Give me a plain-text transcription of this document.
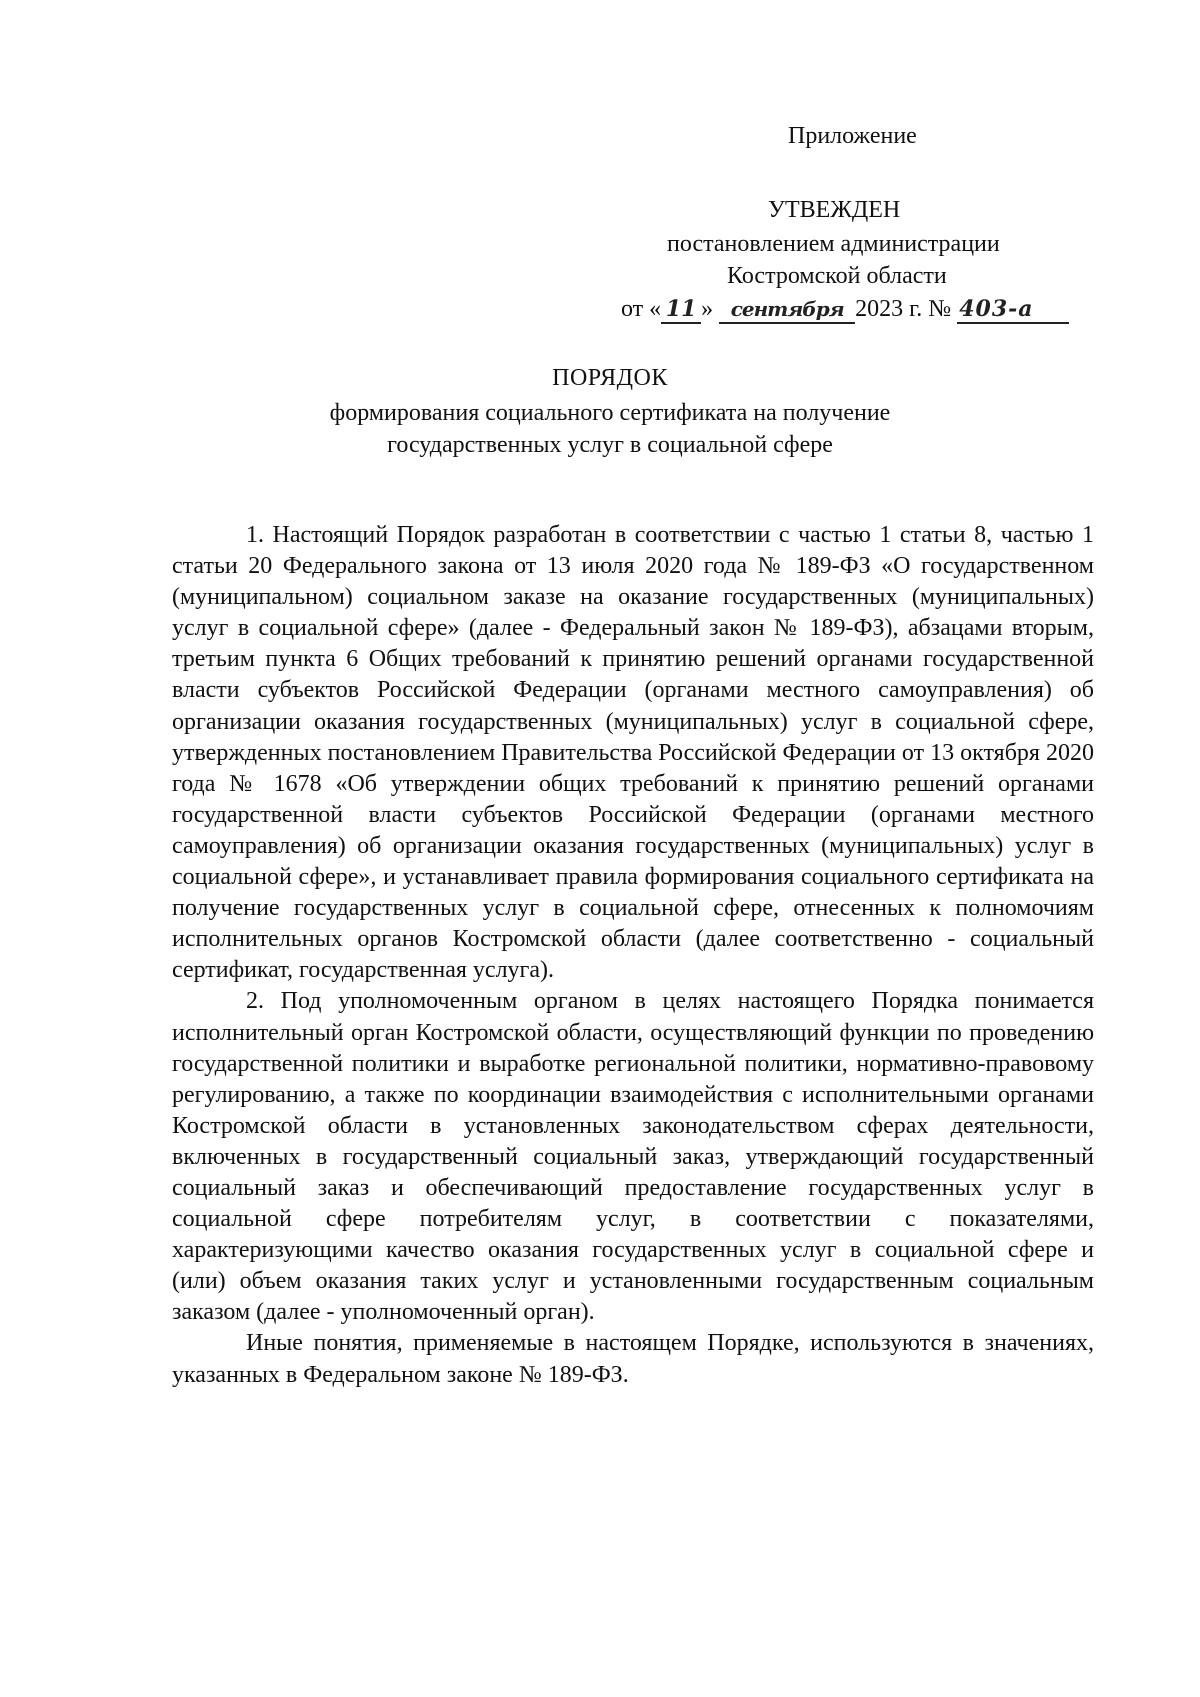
Приложение
УТВЕЖДЕН
постановлением администрации
Костромской области
от « 11 » сентября 2023 г. № 403-а
ПОРЯДОК
формирования социального сертификата на получение
государственных услуг в социальной сфере

1. Настоящий Порядок разработан в соответствии с частью 1 статьи 8, частью 1 статьи 20 Федерального закона от 13 июля 2020 года № 189-ФЗ «О государственном (муниципальном) социальном заказе на оказание государственных (муниципальных) услуг в социальной сфере» (далее - Федеральный закон № 189-ФЗ), абзацами вторым, третьим пункта 6 Общих требований к принятию решений органами государственной власти субъектов Российской Федерации (органами местного самоуправления) об организации оказания государственных (муниципальных) услуг в социальной сфере, утвержденных постановлением Правительства Российской Федерации от 13 октября 2020 года № 1678 «Об утверждении общих требований к принятию решений органами государственной власти субъектов Российской Федерации (органами местного самоуправления) об организации оказания государственных (муниципальных) услуг в социальной сфере», и устанавливает правила формирования социального сертификата на получение государственных услуг в социальной сфере, отнесенных к полномочиям исполнительных органов Костромской области (далее соответственно - социальный сертификат, государственная услуга).

2. Под уполномоченным органом в целях настоящего Порядка понимается исполнительный орган Костромской области, осуществляющий функции по проведению государственной политики и выработке региональной политики, нормативно-правовому регулированию, а также по координации взаимодействия с исполнительными органами Костромской области в установленных законодательством сферах деятельности, включенных в государственный социальный заказ, утверждающий государственный социальный заказ и обеспечивающий предоставление государственных услуг в социальной сфере потребителям услуг, в соответствии с показателями, характеризующими качество оказания государственных услуг в социальной сфере и (или) объем оказания таких услуг и установленными государственным социальным заказом (далее - уполномоченный орган).

Иные понятия, применяемые в настоящем Порядке, используются в значениях, указанных в Федеральном законе № 189-ФЗ.
